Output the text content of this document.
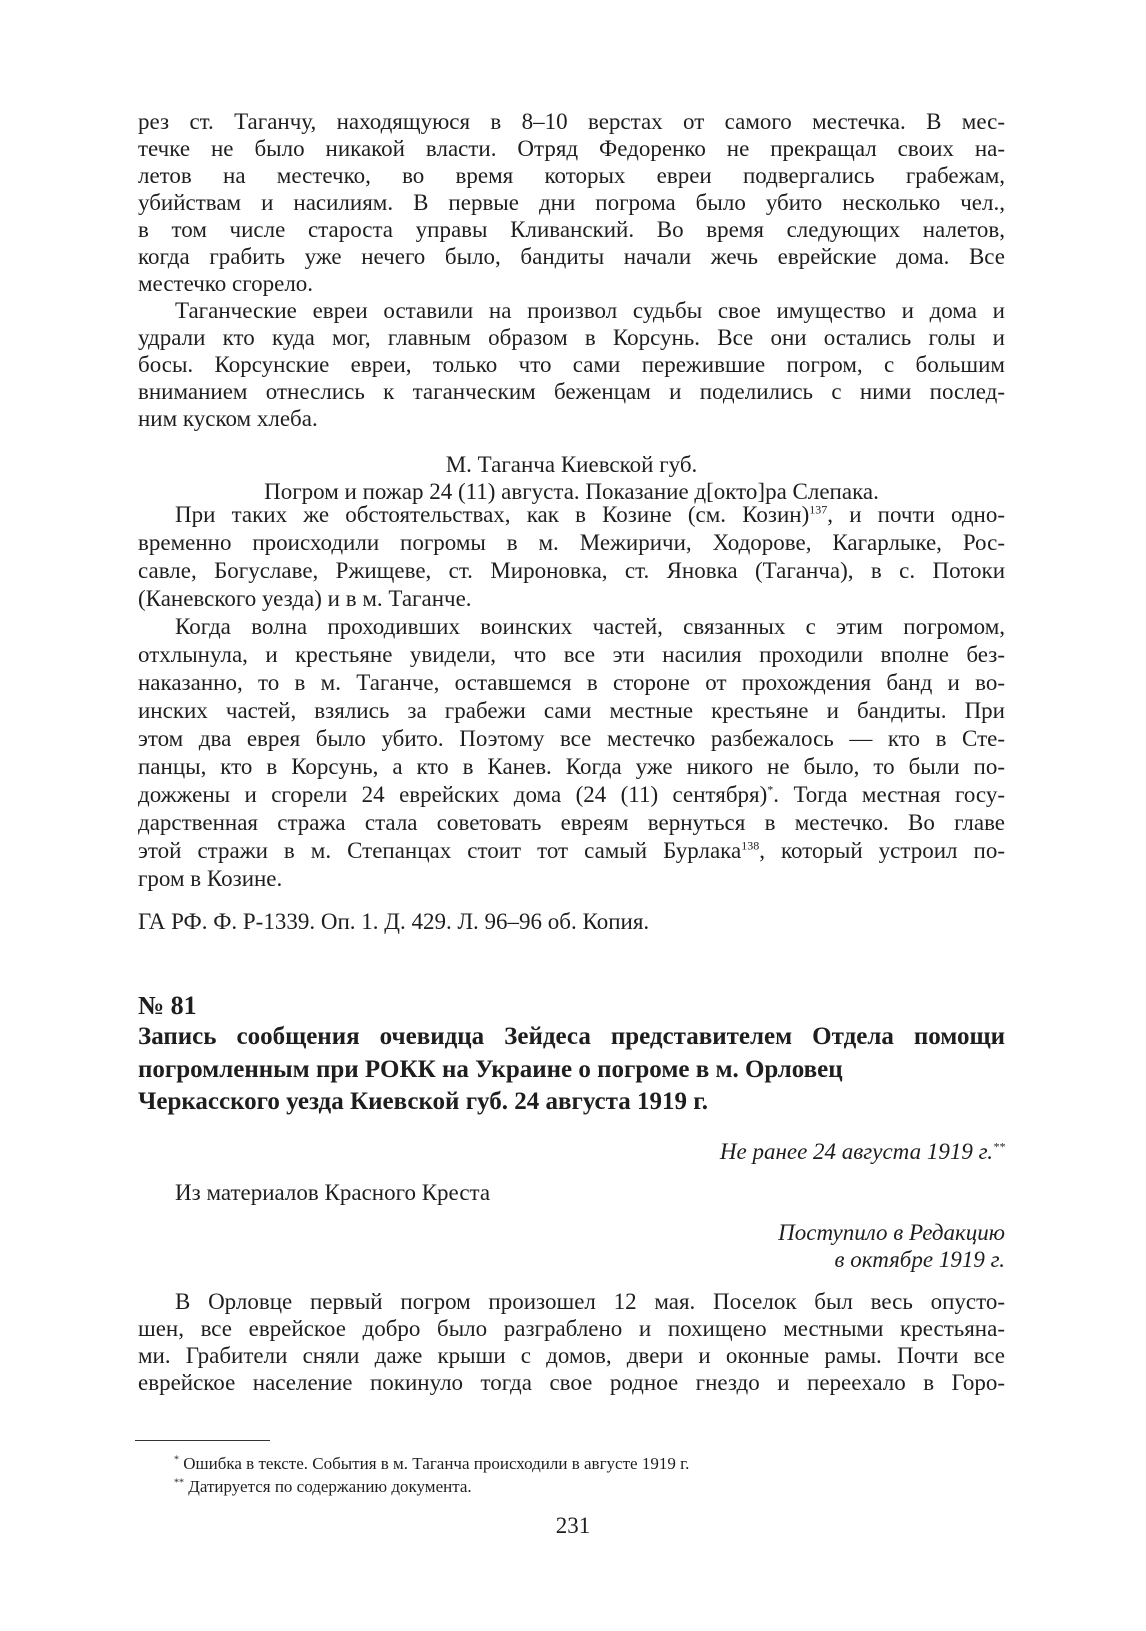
рез ст. Таганчу, находящуюся в 8–10 верстах от самого местечка. В мес-
течке не было никакой власти. Отряд Федоренко не прекращал своих на-
летов на местечко, во время которых евреи подвергались грабежам,
убийствам и насилиям. В первые дни погрома было убито несколько чел.,
в том числе староста управы Кливанский. Во время следующих налетов,
когда грабить уже нечего было, бандиты начали жечь еврейские дома. Все
местечко сгорело.
Таганческие евреи оставили на произвол судьбы свое имущество и дома и
удрали кто куда мог, главным образом в Корсунь. Все они остались голы и
босы. Корсунские евреи, только что сами пережившие погром, с большим
вниманием отнеслись к таганческим беженцам и поделились с ними послед-
ним куском хлеба.
М. Таганча Киевской губ.
Погром и пожар 24 (11) августа. Показание д[окто]ра Слепака.
При таких же обстоятельствах, как в Козине (см. Козин)$^{137}$, и почти одно-
временно происходили погромы в м. Межиричи, Ходорове, Кагарлыке, Рос-
савле, Богуславе, Ржищеве, ст. Мироновка, ст. Яновка (Таганча), в с. Потоки
(Каневского уезда) и в м. Таганче.
Когда волна проходивших воинских частей, связанных с этим погромом,
отхлынула, и крестьяне увидели, что все эти насилия проходили вполне без-
наказанно, то в м. Таганче, оставшемся в стороне от прохождения банд и во-
инских частей, взялись за грабежи сами местные крестьяне и бандиты. При
этом два еврея было убито. Поэтому все местечко разбежалось — кто в Сте-
панцы, кто в Корсунь, а кто в Канев. Когда уже никого не было, то были по-
дожжены и сгорели 24 еврейских дома (24 (11) сентября)*. Тогда местная госу-
дарственная стража стала советовать евреям вернуться в местечко. Во главе
этой стражи в м. Степанцах стоит тот самый Бурлака$^{138}$, который устроил по-
гром в Козине.
ГА РФ. Ф. Р-1339. Оп. 1. Д. 429. Л. 96–96 об. Копия.
№ 81
Запись сообщения очевидца Зейдеса представителем Отдела помощи
погромленным при РОКК на Украине о погроме в м. Орловец
Черкасского уезда Киевской губ. 24 августа 1919 г.
Не ранее 24 августа 1919 г.**
Из материалов Красного Креста
Поступило в Редакцию
в октябре 1919 г.
В Орловце первый погром произошел 12 мая. Поселок был весь опусто-
шен, все еврейское добро было разграблено и похищено местными крестьяна-
ми. Грабители сняли даже крыши с домов, двери и оконные рамы. Почти все
еврейское население покинуло тогда свое родное гнездо и переехало в Горо-
* Ошибка в тексте. События в м. Таганча происходили в августе 1919 г.
** Датируется по содержанию документа.
231
